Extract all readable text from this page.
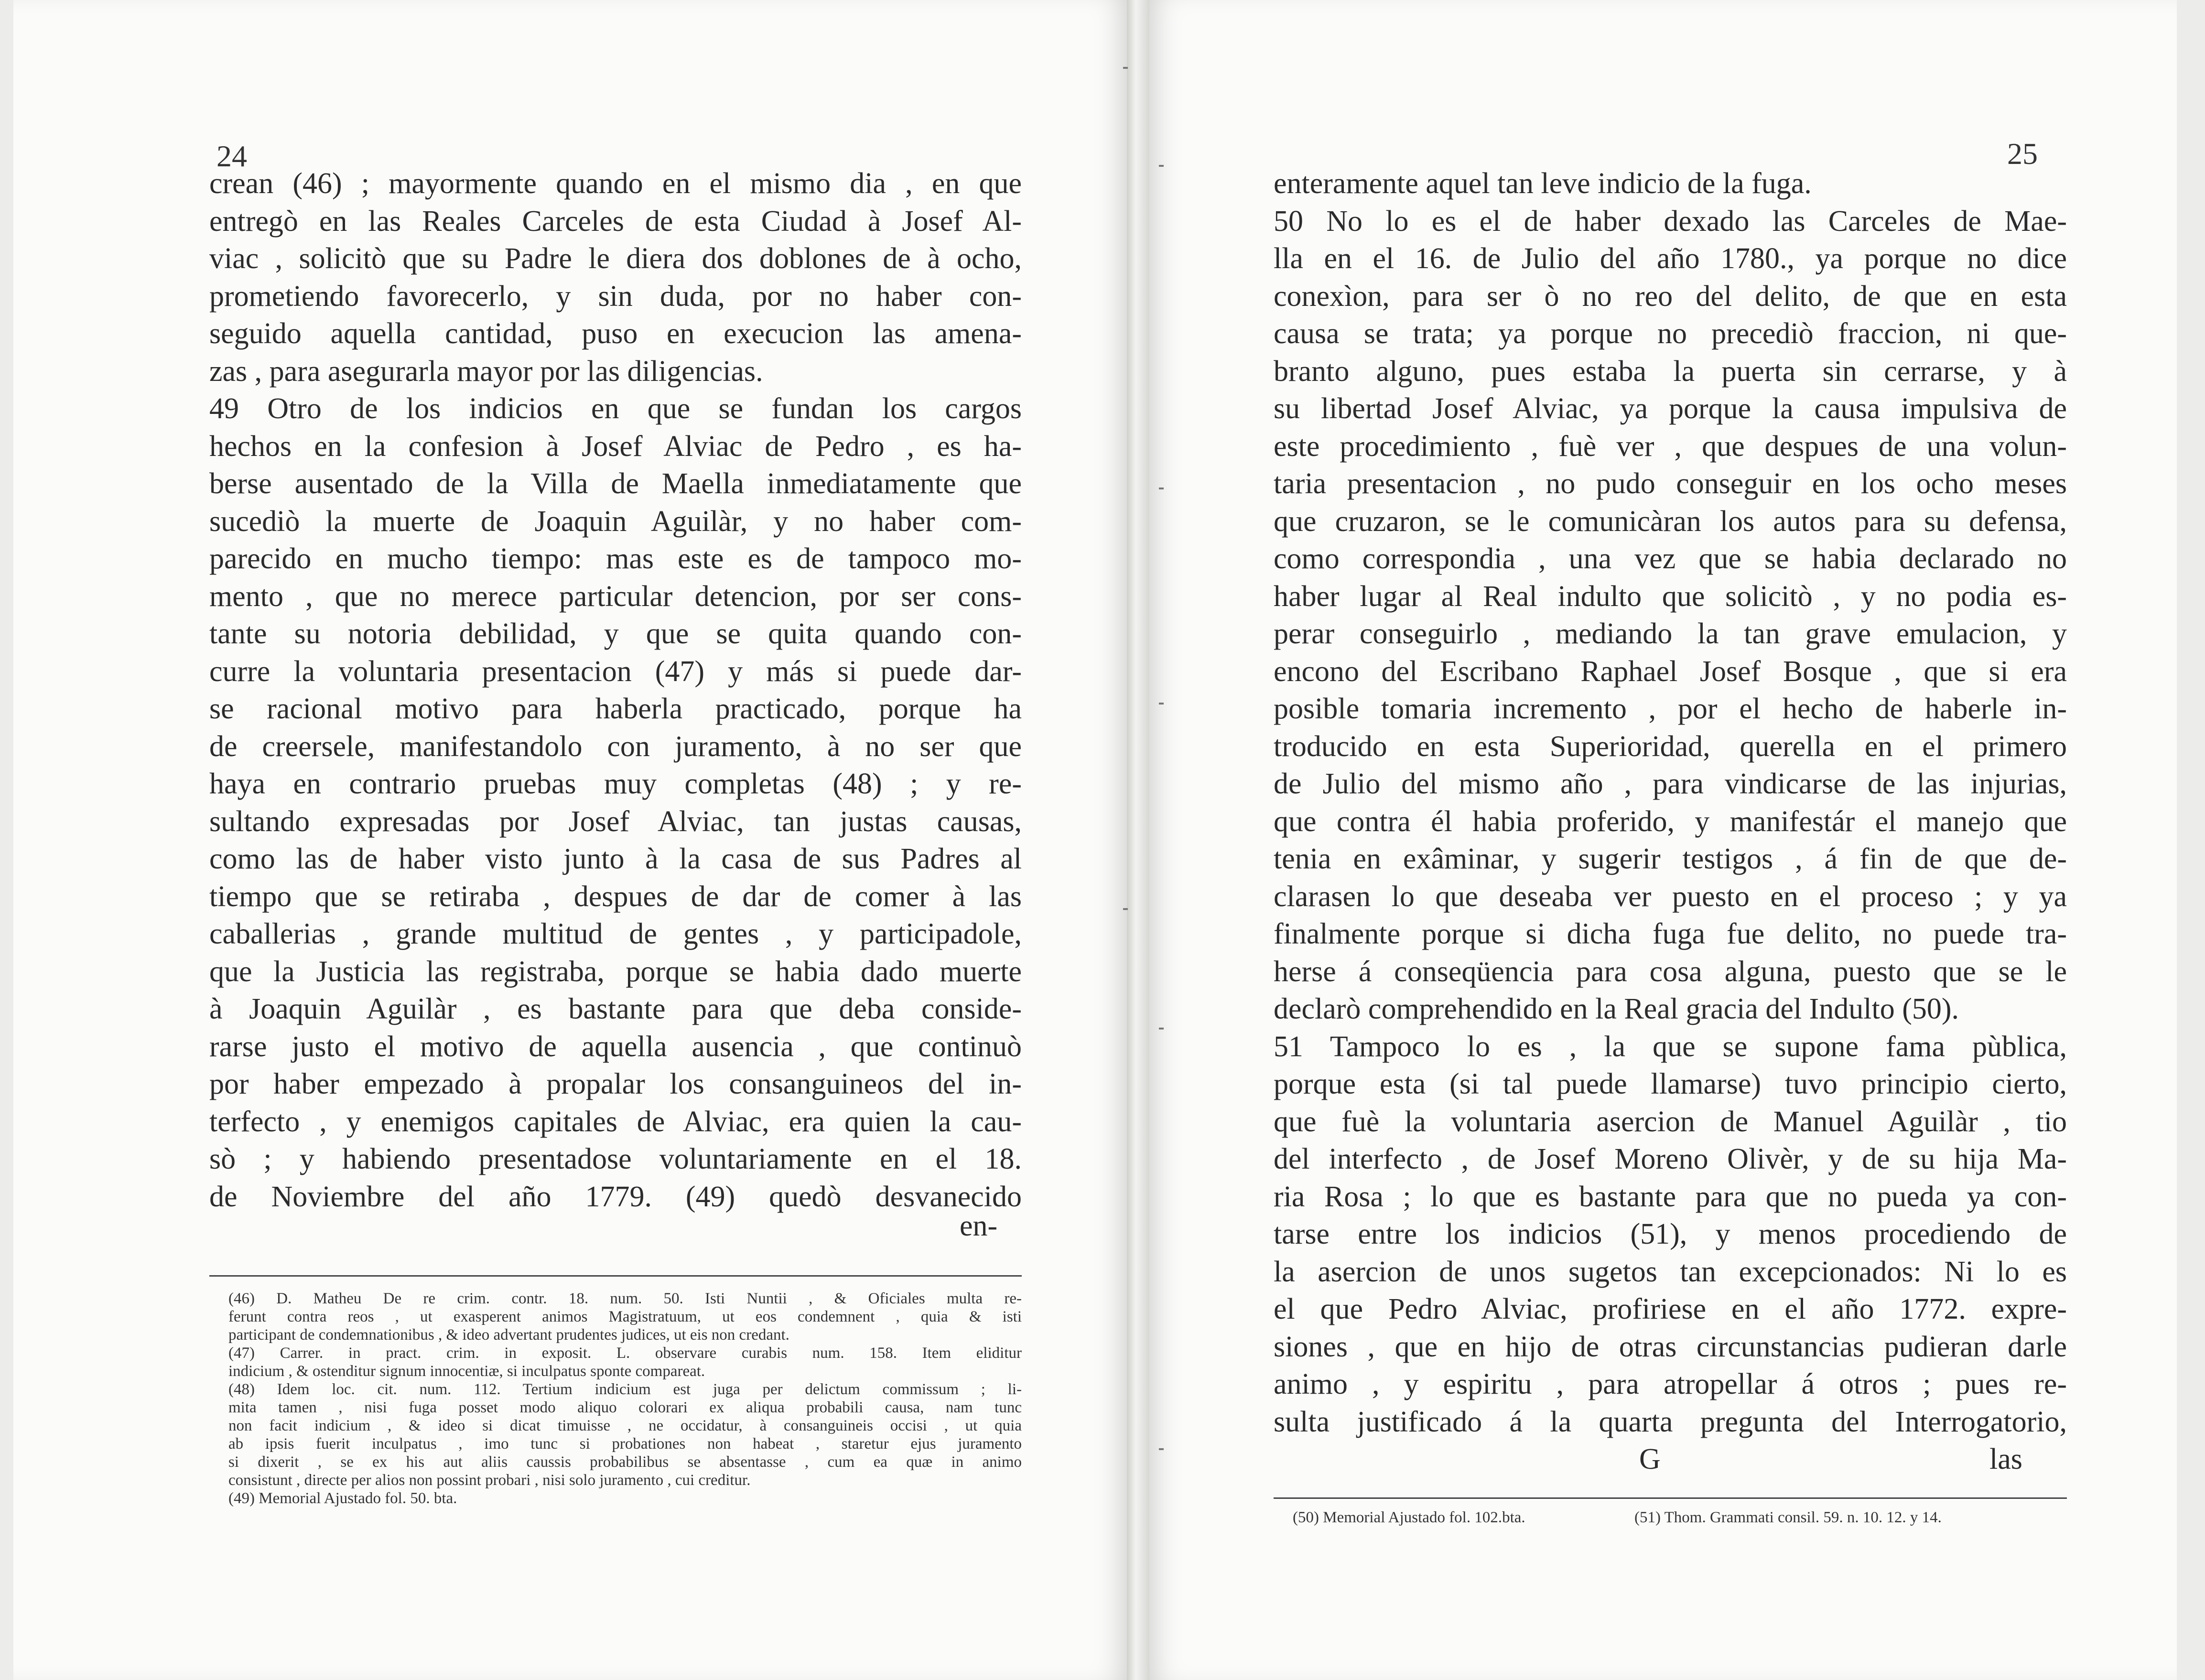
24
crean (46) ; mayormente quando en el mismo dia , en que
entregò en las Reales Carceles de esta Ciudad à Josef Al-
viac , solicitò que su Padre le diera dos doblones de à ocho,
prometiendo favorecerlo, y sin duda, por no haber con-
seguido aquella cantidad, puso en execucion las amena-
zas , para asegurarla mayor por las diligencias.
49 Otro de los indicios en que se fundan los cargos
hechos en la confesion à Josef Alviac de Pedro , es ha-
berse ausentado de la Villa de Maella inmediatamente que
sucediò la muerte de Joaquin Aguilàr, y no haber com-
parecido en mucho tiempo: mas este es de tampoco mo-
mento , que no merece particular detencion, por ser cons-
tante su notoria debilidad, y que se quita quando con-
curre la voluntaria presentacion (47) y más si puede dar-
se racional motivo para haberla practicado, porque ha
de creersele, manifestandolo con juramento, à no ser que
haya en contrario pruebas muy completas (48) ; y re-
sultando expresadas por Josef Alviac, tan justas causas,
como las de haber visto junto à la casa de sus Padres al
tiempo que se retiraba , despues de dar de comer à las
caballerias , grande multitud de gentes , y participadole,
que la Justicia las registraba, porque se habia dado muerte
à Joaquin Aguilàr , es bastante para que deba conside-
rarse justo el motivo de aquella ausencia , que continuò
por haber empezado à propalar los consanguineos del in-
terfecto , y enemigos capitales de Alviac, era quien la cau-
sò ; y habiendo presentadose voluntariamente en el 18.
de Noviembre del año 1779. (49) quedò desvanecido
en-
(46) D. Matheu De re crim. contr. 18. num. 50. Isti Nuntii , & Oficiales multa re-
ferunt contra reos , ut exasperent animos Magistratuum, ut eos condemnent , quia & isti
participant de condemnationibus , & ideo advertant prudentes judices, ut eis non credant.
(47) Carrer. in pract. crim. in exposit. L. observare curabis num. 158. Item eliditur
indicium , & ostenditur signum innocentiæ, si inculpatus sponte compareat.
(48) Idem loc. cit. num. 112. Tertium indicium est juga per delictum commissum ; li-
mita tamen , nisi fuga posset modo aliquo colorari ex aliqua probabili causa, nam tunc
non facit indicium , & ideo si dicat timuisse , ne occidatur, à consanguineis occisi , ut quia
ab ipsis fuerit inculpatus , imo tunc si probationes non habeat , staretur ejus juramento
si dixerit , se ex his aut aliis caussis probabilibus se absentasse , cum ea quæ in animo
consistunt , directe per alios non possint probari , nisi solo juramento , cui creditur.
(49) Memorial Ajustado fol. 50. bta.
25
enteramente aquel tan leve indicio de la fuga.
50 No lo es el de haber dexado las Carceles de Mae-
lla en el 16. de Julio del año 1780., ya porque no dice
conexìon, para ser ò no reo del delito, de que en esta
causa se trata; ya porque no precediò fraccion, ni que-
branto alguno, pues estaba la puerta sin cerrarse, y à
su libertad Josef Alviac, ya porque la causa impulsiva de
este procedimiento , fuè ver , que despues de una volun-
taria presentacion , no pudo conseguir en los ocho meses
que cruzaron, se le comunicàran los autos para su defensa,
como correspondia , una vez que se habia declarado no
haber lugar al Real indulto que solicitò , y no podia es-
perar conseguirlo , mediando la tan grave emulacion, y
encono del Escribano Raphael Josef Bosque , que si era
posible tomaria incremento , por el hecho de haberle in-
troducido en esta Superioridad, querella en el primero
de Julio del mismo año , para vindicarse de las injurias,
que contra él habia proferido, y manifestár el manejo que
tenia en exâminar, y sugerir testigos , á fin de que de-
clarasen lo que deseaba ver puesto en el proceso ; y ya
finalmente porque si dicha fuga fue delito, no puede tra-
herse á conseqüencia para cosa alguna, puesto que se le
declarò comprehendido en la Real gracia del Indulto (50).
51 Tampoco lo es , la que se supone fama pùblica,
porque esta (si tal puede llamarse) tuvo principio cierto,
que fuè la voluntaria asercion de Manuel Aguilàr , tio
del interfecto , de Josef Moreno Olivèr, y de su hija Ma-
ria Rosa ; lo que es bastante para que no pueda ya con-
tarse entre los indicios (51), y menos procediendo de
la asercion de unos sugetos tan excepcionados: Ni lo es
el que Pedro Alviac, profiriese en el año 1772. expre-
siones , que en hijo de otras circunstancias pudieran darle
animo , y espiritu , para atropellar á otros ; pues re-
sulta justificado á la quarta pregunta del Interrogatorio,
G	las
(50) Memorial Ajustado fol. 102.bta.	(51) Thom. Grammati consil. 59. n. 10. 12. y 14.
